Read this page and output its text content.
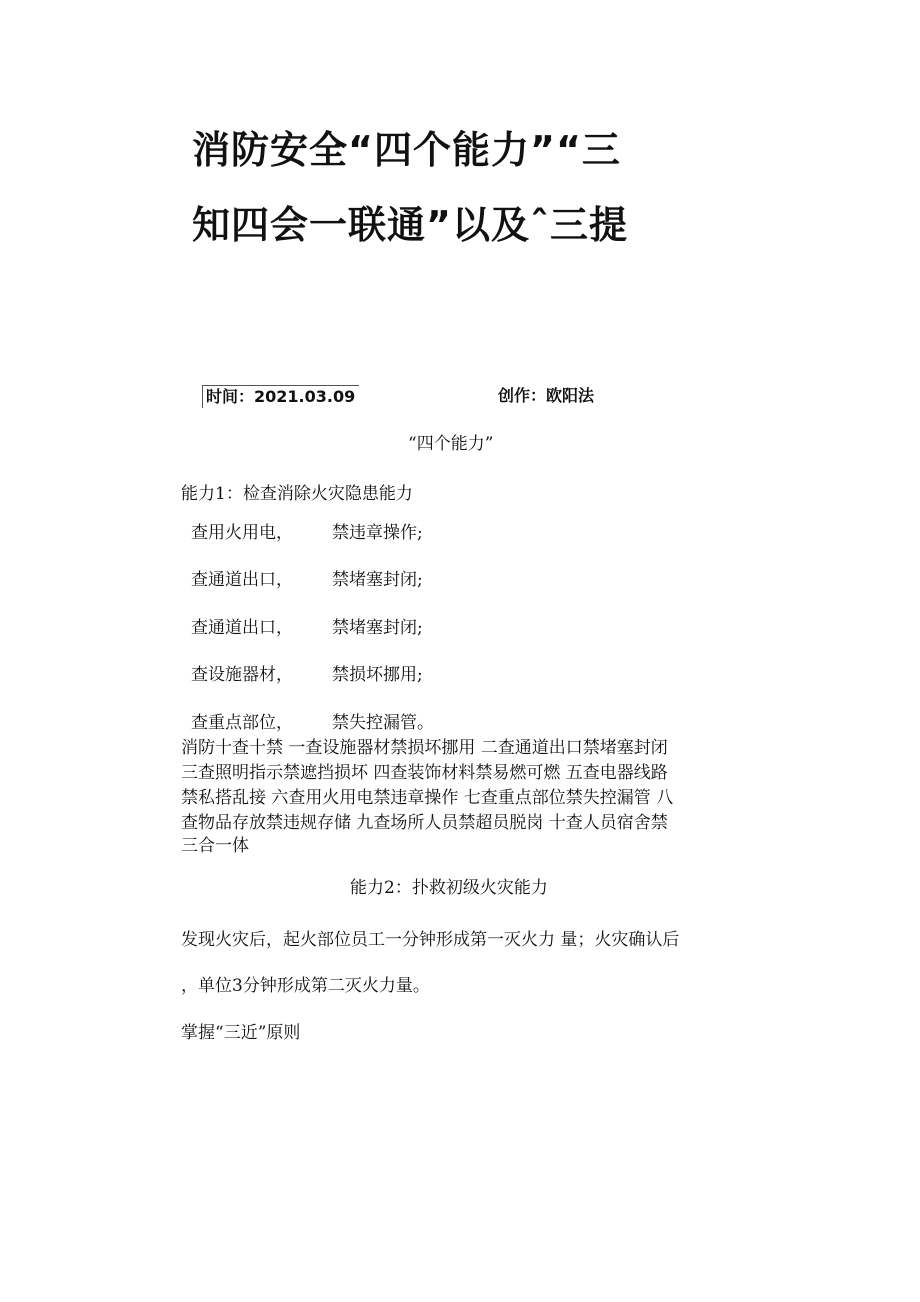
消防安全“四个能力”“三
知四会一联通”以及ˆ三提
时间：2021.03.09	创作：欧阳法
“四个能力”
能力1：检查消除火灾隐患能力
查用火用电， 禁违章操作;
查通道出口， 禁堵塞封闭;
查通道出口， 禁堵塞封闭;
查设施器材， 禁损坏挪用;
查重点部位， 禁失控漏管。
消防十查十禁 一查设施器材禁损坏挪用 二查通道出口禁堵塞封闭
三查照明指示禁遮挡损坏 四查装饰材料禁易燃可燃 五查电器线路
禁私搭乱接 六查用火用电禁违章操作 七查重点部位禁失控漏管 八
查物品存放禁违规存储 九查场所人员禁超员脱岗 十查人员宿舍禁
三合一体
能力2：扑救初级火灾能力
发现火灾后，起火部位员工一分钟形成第一灭火力 量；火灾确认后
，单位3分钟形成第二灭火力量。
掌握“三近”原则
